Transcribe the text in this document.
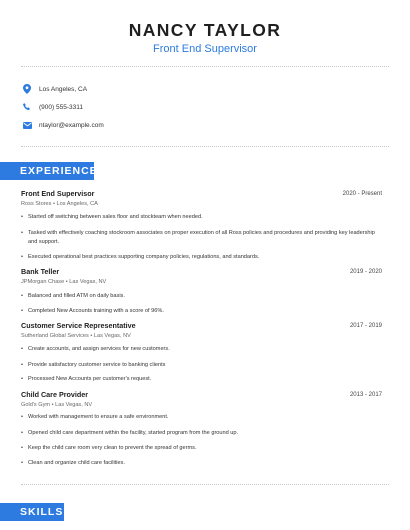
NANCY TAYLOR
Front End Supervisor
Los Angeles, CA
(900) 555-3311
ntaylor@example.com
EXPERIENCE
Front End Supervisor	2020 - Present
Ross Stores • Los Angeles, CA
• Started off switching between sales floor and stockteam when needed.
• Tasked with effectively coaching stockroom associates on proper execution of all Ross policies and procedures and providing key leadership and support.
• Executed operational best practices supporting company policies, regulations, and standards.
Bank Teller	2019 - 2020
JPMorgan Chase • Las Vegas, NV
• Balanced and filled ATM on daily basis.
• Completed New Accounts training with a score of 96%.
Customer Service Representative	2017 - 2019
Sutherland Global Services • Las Vegas, NV
• Create accounts, and assign services for new customers.
• Provide satisfactory customer service to banking clients
• Processed New Accounts per customer's request.
Child Care Provider	2013 - 2017
Gold's Gym • Las Vegas, NV
• Worked with management to ensure a safe environment.
• Opened child care department within the facility, started program from the ground up.
• Keep the child care room very clean to prevent the spread of germs.
• Clean and organize child care facilities.
SKILLS
